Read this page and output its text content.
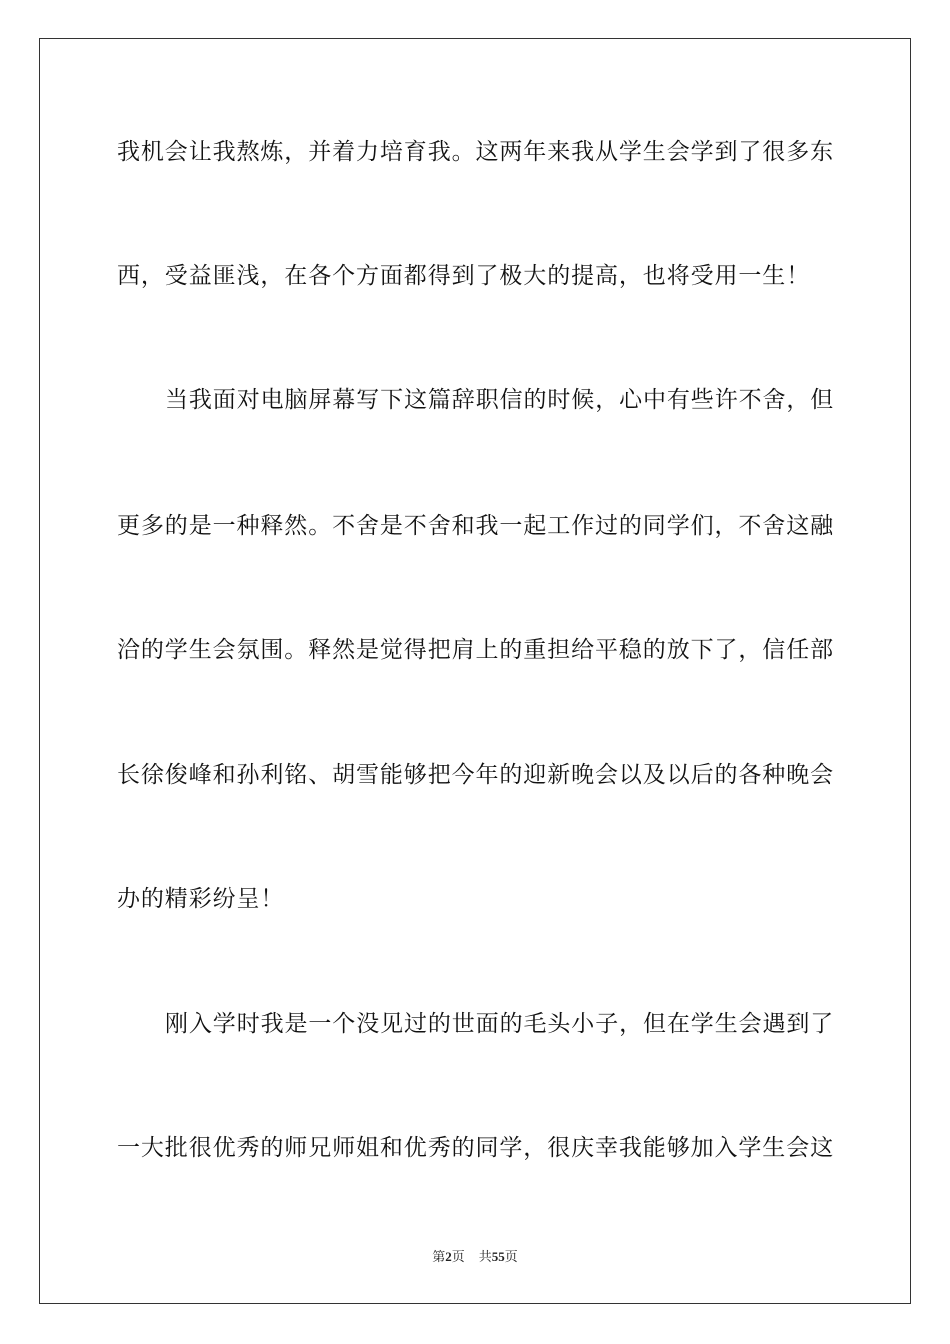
我机会让我熬炼，并着力培育我。这两年来我从学生会学到了很多东
西，受益匪浅，在各个方面都得到了极大的提高，也将受用一生！
当我面对电脑屏幕写下这篇辞职信的时候，心中有些许不舍，但
更多的是一种释然。不舍是不舍和我一起工作过的同学们，不舍这融
洽的学生会氛围。释然是觉得把肩上的重担给平稳的放下了，信任部
长徐俊峰和孙利铭、胡雪能够把今年的迎新晚会以及以后的各种晚会
办的精彩纷呈！
刚入学时我是一个没见过的世面的毛头小子，但在学生会遇到了
一大批很优秀的师兄师姐和优秀的同学，很庆幸我能够加入学生会这
第2页 共55页
